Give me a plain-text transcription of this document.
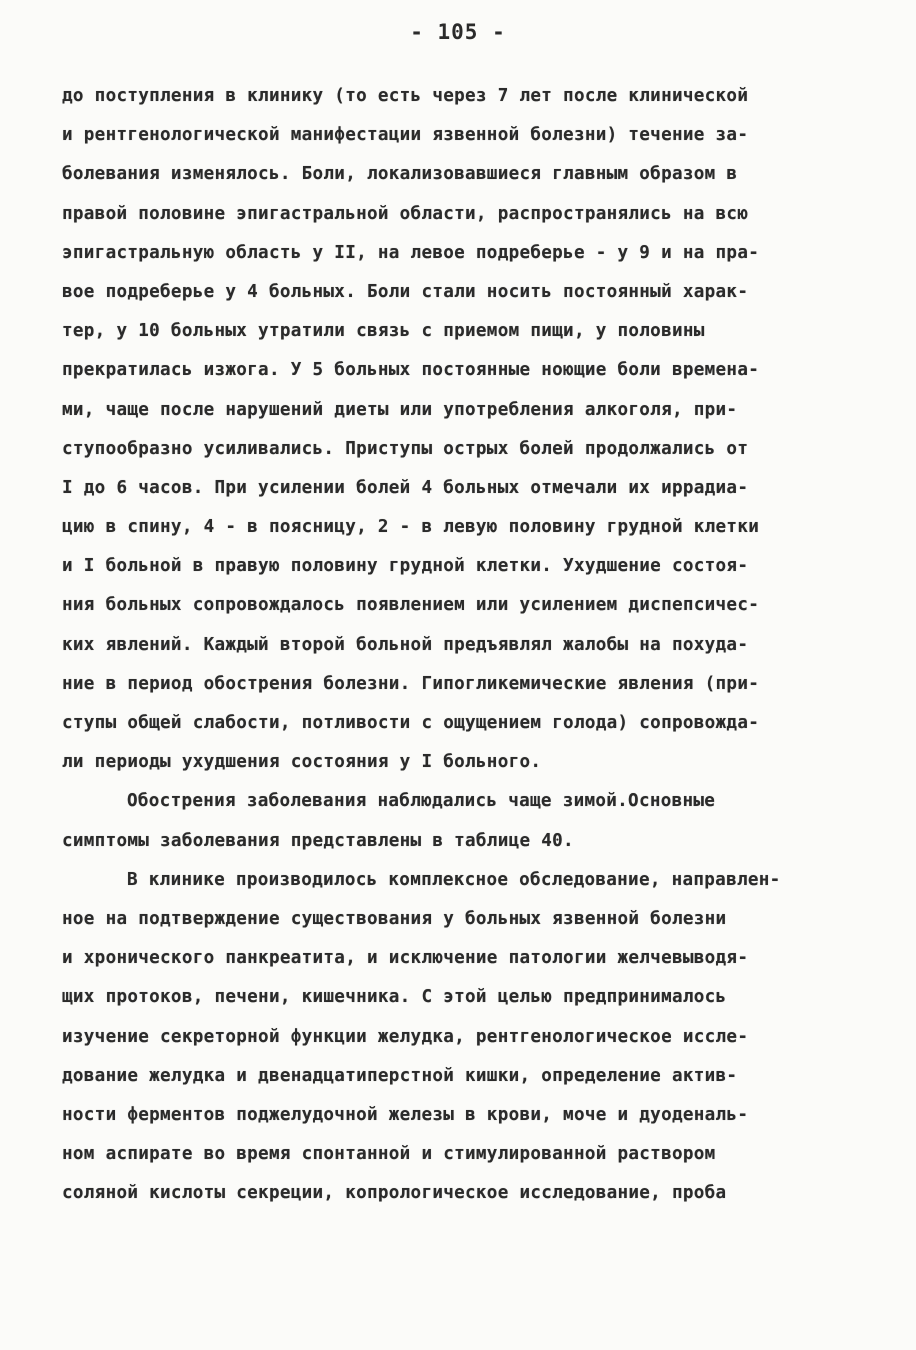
- 105 -
до поступления в клинику (то есть через 7 лет после клинической
и рентгенологической манифестации язвенной болезни) течение за-
болевания изменялось. Боли, локализовавшиеся главным образом в
правой половине эпигастральной области, распространялись на всю
эпигастральную область у II, на левое подреберье - у 9 и на пра-
вое подреберье у 4 больных. Боли стали носить постоянный харак-
тер, у 10 больных утратили связь с приемом пищи, у половины
прекратилась изжога. У 5 больных постоянные ноющие боли времена-
ми, чаще после нарушений диеты или употребления алкоголя, при-
ступообразно усиливались. Приступы острых болей продолжались от
I до 6 часов. При усилении болей 4 больных отмечали их иррадиа-
цию в спину, 4 - в поясницу, 2 - в левую половину грудной клетки
и I больной в правую половину грудной клетки. Ухудшение состоя-
ния больных сопровождалось появлением или усилением диспепсичес-
ких явлений. Каждый второй больной предъявлял жалобы на похуда-
ние в период обострения болезни. Гипогликемические явления (при-
ступы общей слабости, потливости с ощущением голода) сопровожда-
ли периоды ухудшения состояния у I больного.
Обострения заболевания наблюдались чаще зимой.Основные
симптомы заболевания представлены в таблице 40.
В клинике производилось комплексное обследование, направлен-
ное на подтверждение существования у больных язвенной болезни
и хронического панкреатита, и исключение патологии желчевыводя-
щих протоков, печени, кишечника. С этой целью предпринималось
изучение секреторной функции желудка, рентгенологическое иссле-
дование желудка и двенадцатиперстной кишки, определение актив-
ности ферментов поджелудочной железы в крови, моче и дуоденаль-
ном аспирате во время спонтанной и стимулированной раствором
соляной кислоты секреции, копрологическое исследование, проба
